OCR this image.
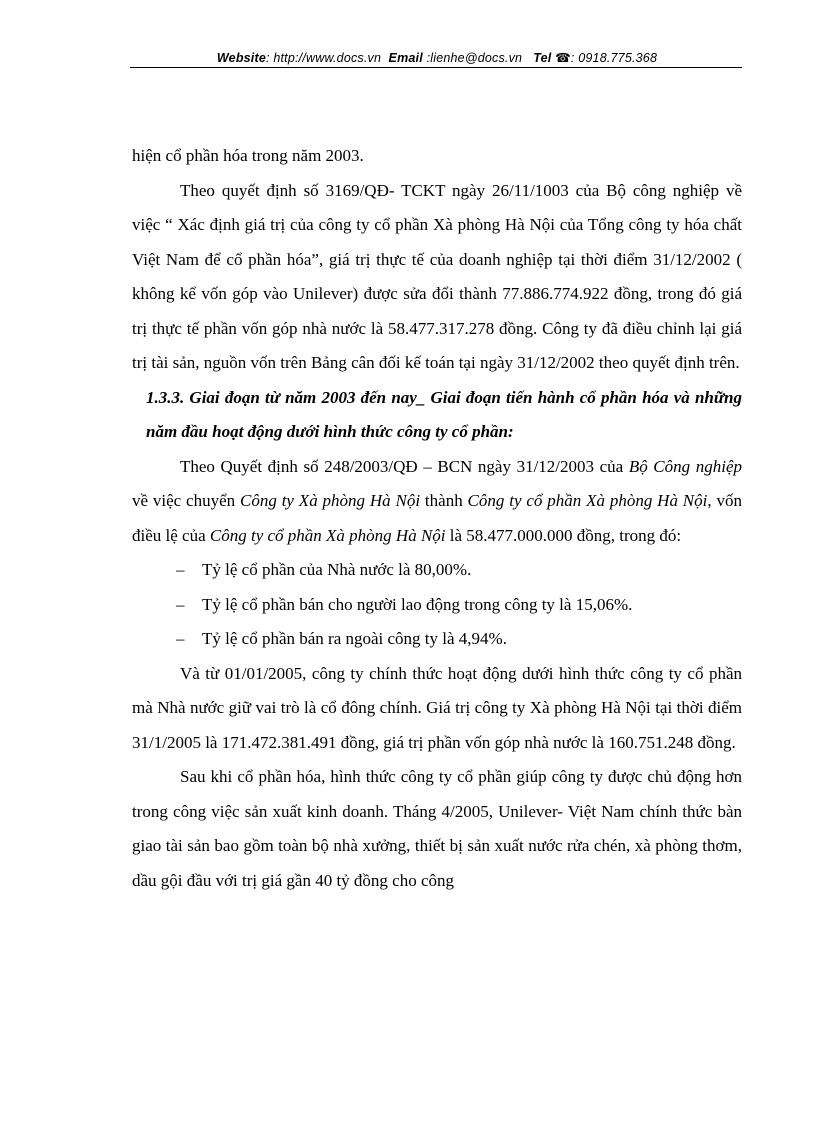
Website: http://www.docs.vn Email :lienhe@docs.vn Tel ☎: 0918.775.368

hiện cổ phần hóa trong năm 2003.

Theo quyết định số 3169/QĐ- TCKT ngày 26/11/1003 của Bộ công nghiệp về việc “ Xác định giá trị của công ty cổ phần Xà phòng Hà Nội của Tổng công ty hóa chất Việt Nam để cổ phần hóa”, giá trị thực tế của doanh nghiệp tại thời điểm 31/12/2002 ( không kể vốn góp vào Unilever) được sửa đổi thành 77.886.774.922 đồng, trong đó giá trị thực tế phần vốn góp nhà nước là 58.477.317.278 đồng. Công ty đã điều chỉnh lại giá trị tài sản, nguồn vốn trên Bảng cân đối kế toán tại ngày 31/12/2002 theo quyết định trên.

1.3.3. Giai đoạn từ năm 2003 đến nay_ Giai đoạn tiến hành cổ phần hóa và những năm đầu hoạt động dưới hình thức công ty cổ phần:

Theo Quyết định số 248/2003/QĐ – BCN ngày 31/12/2003 của Bộ Công nghiệp về việc chuyển Công ty Xà phòng Hà Nội thành Công ty cổ phần Xà phòng Hà Nội, vốn điều lệ của Công ty cổ phần Xà phòng Hà Nội là 58.477.000.000 đồng, trong đó:

– Tỷ lệ cổ phần của Nhà nước là 80,00%.

– Tỷ lệ cổ phần bán cho người lao động trong công ty là 15,06%.

– Tỷ lệ cổ phần bán ra ngoài công ty là 4,94%.

Và từ 01/01/2005, công ty chính thức hoạt động dưới hình thức công ty cổ phần mà Nhà nước giữ vai trò là cổ đông chính. Giá trị công ty Xà phòng Hà Nội tại thời điểm 31/1/2005 là 171.472.381.491 đồng, giá trị phần vốn góp nhà nước là 160.751.248 đồng.

Sau khi cổ phần hóa, hình thức công ty cổ phần giúp công ty được chủ động hơn trong công việc sản xuất kinh doanh. Tháng 4/2005, Unilever- Việt Nam chính thức bàn giao tài sản bao gồm toàn bộ nhà xưởng, thiết bị sản xuất nước rửa chén, xà phòng thơm, dầu gội đầu với trị giá gần 40 tỷ đồng cho công
